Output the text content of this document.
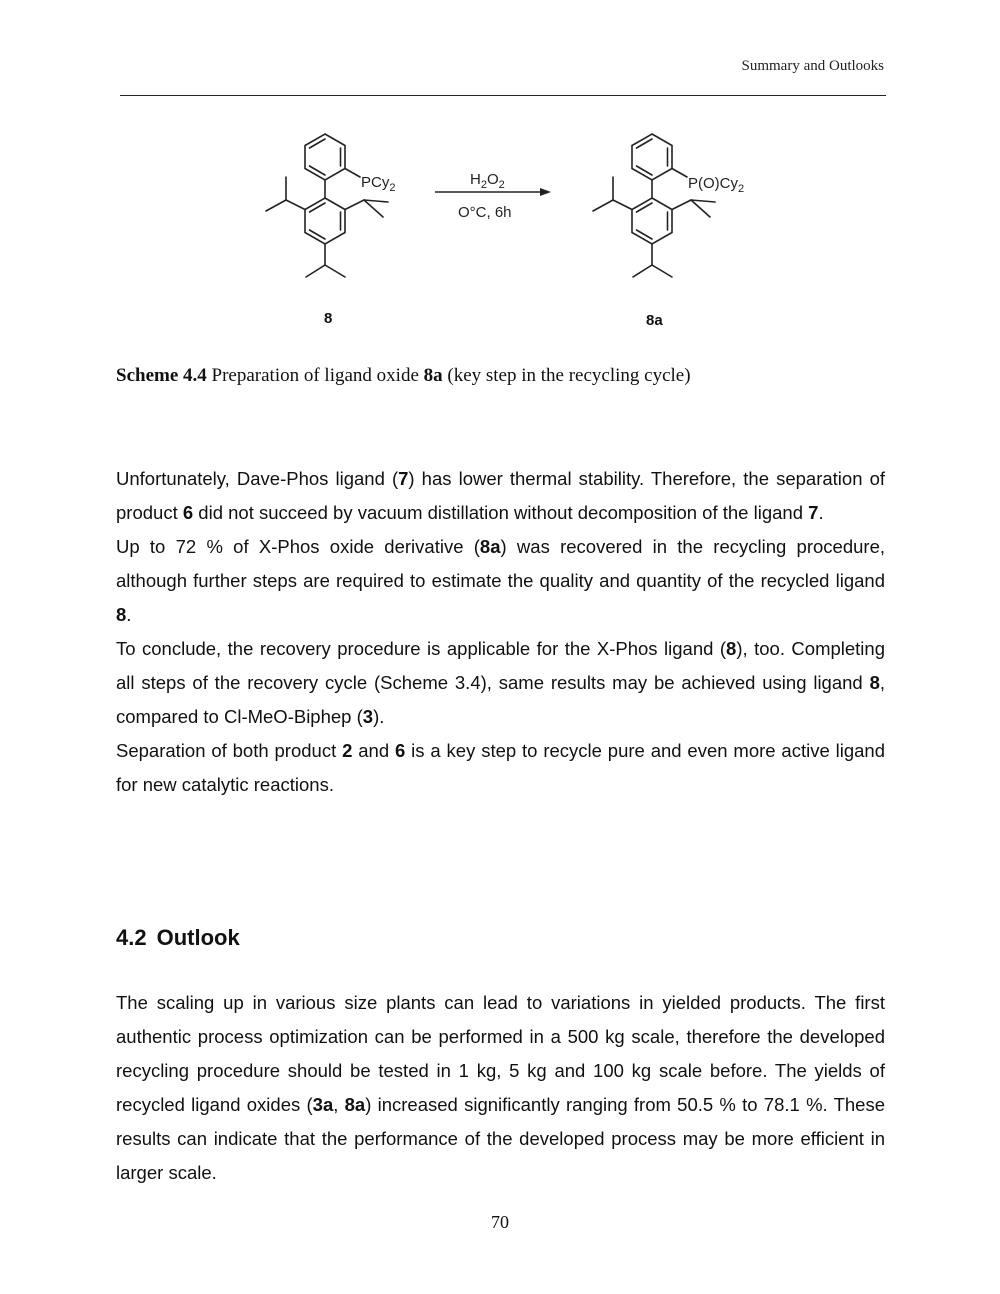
Summary and Outlooks
PCy$_2$	$H_2O_2$
O°C, 6h
$P(O)Cy_2$
8	8a
Scheme 4.4 Preparation of ligand oxide 8a (key step in the recycling cycle)

Unfortunately, Dave-Phos ligand (7) has lower thermal stability. Therefore, the separation of product 6 did not succeed by vacuum distillation without decomposition of the ligand 7.

Up to 72 % of X-Phos oxide derivative (8a) was recovered in the recycling procedure, although further steps are required to estimate the quality and quantity of the recycled ligand 8.

To conclude, the recovery procedure is applicable for the X-Phos ligand (8), too. Completing all steps of the recovery cycle (Scheme 3.4), same results may be achieved using ligand 8, compared to Cl-MeO-Biphep (3).

Separation of both product 2 and 6 is a key step to recycle pure and even more active ligand for new catalytic reactions.

4.2 Outlook

The scaling up in various size plants can lead to variations in yielded products. The first authentic process optimization can be performed in a 500 kg scale, therefore the developed recycling procedure should be tested in 1 kg, 5 kg and 100 kg scale before. The yields of recycled ligand oxides (3a, 8a) increased significantly ranging from 50.5 % to 78.1 %. These results can indicate that the performance of the developed process may be more efficient in larger scale.

70
